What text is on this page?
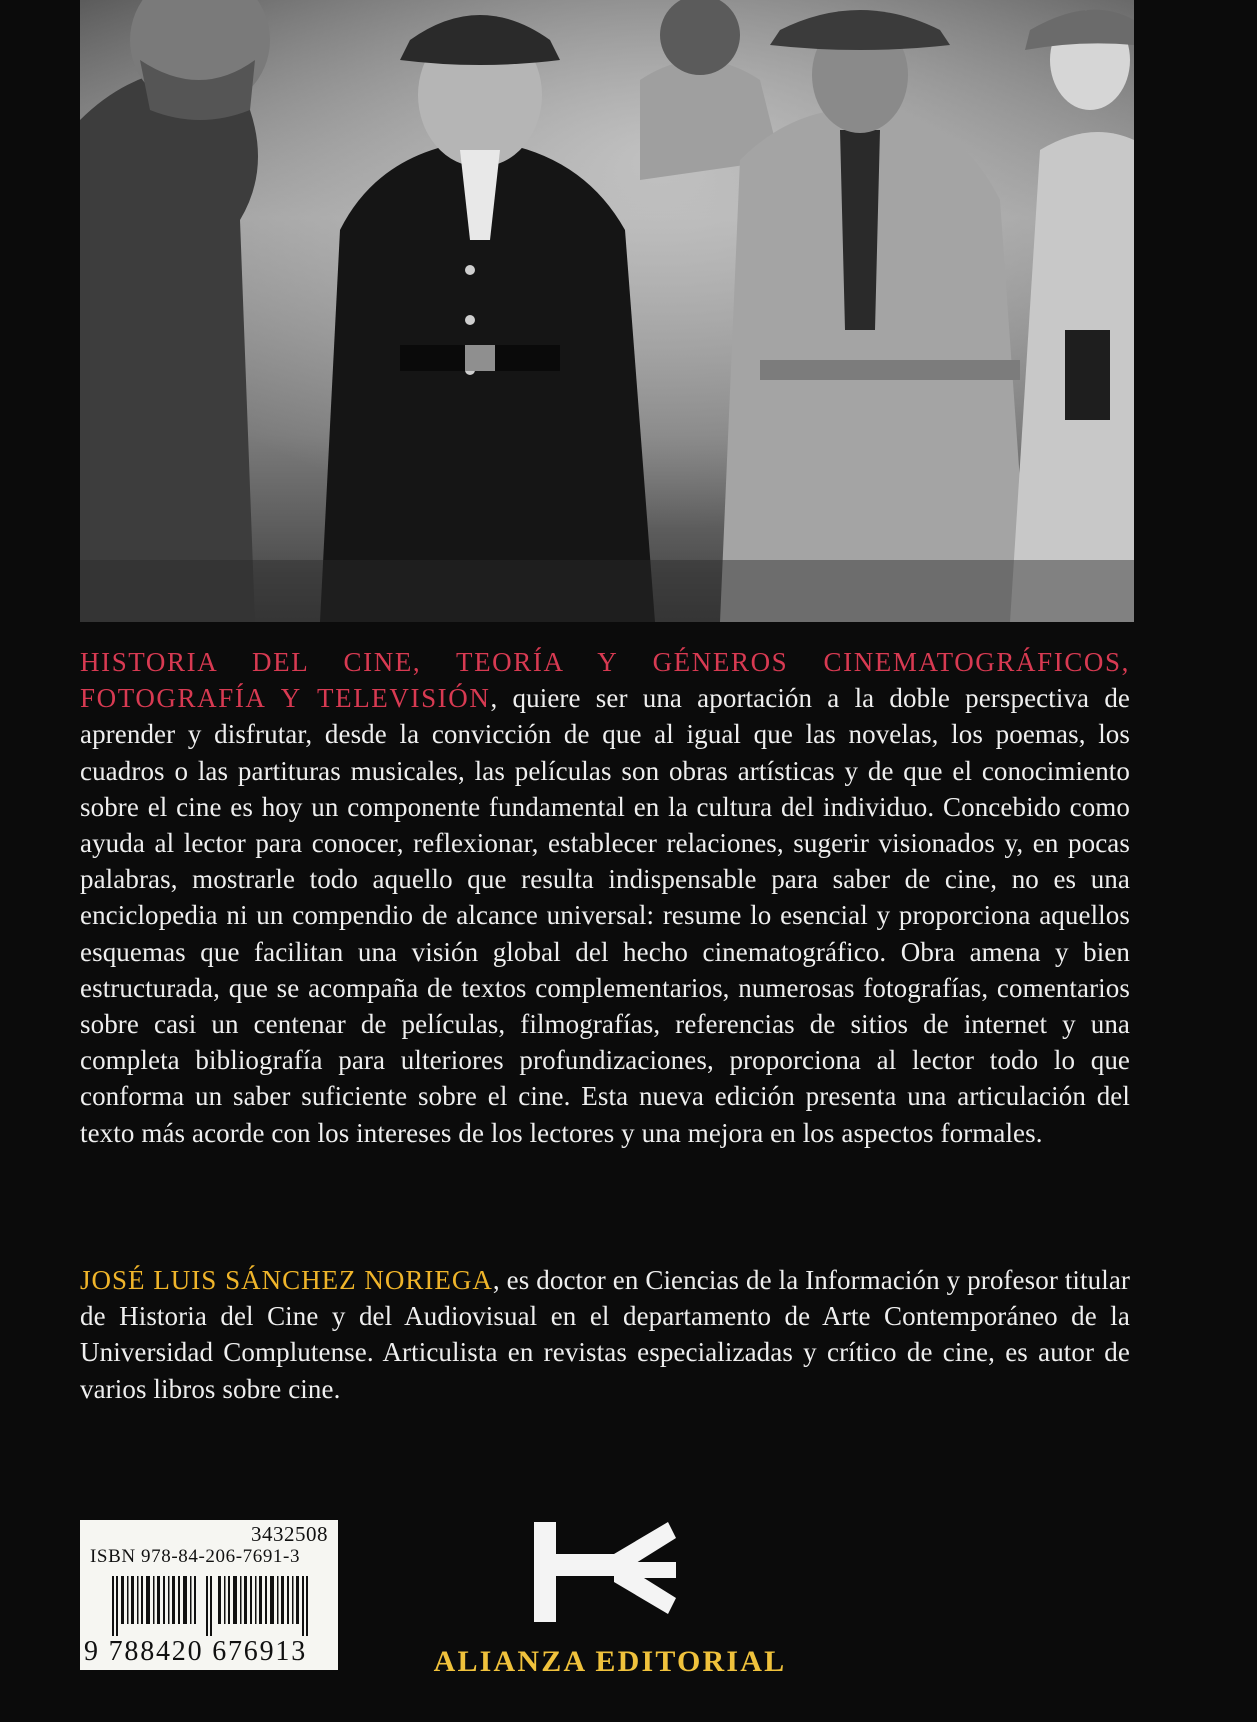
HISTORIA DEL CINE, TEORÍA Y GÉNEROS CINEMATOGRÁFICOS, FOTOGRAFÍA Y TELEVISIÓN, quiere ser una aportación a la doble perspectiva de aprender y disfrutar, desde la convicción de que al igual que las novelas, los poemas, los cuadros o las partituras musicales, las películas son obras artísticas y de que el conocimiento sobre el cine es hoy un componente fundamental en la cultura del individuo. Concebido como ayuda al lector para conocer, reflexionar, establecer relaciones, sugerir visionados y, en pocas palabras, mostrarle todo aquello que resulta indispensable para saber de cine, no es una enciclopedia ni un compendio de alcance universal: resume lo esencial y proporciona aquellos esquemas que facilitan una visión global del hecho cinematográfico. Obra amena y bien estructurada, que se acompaña de textos complementarios, numerosas fotografías, comentarios sobre casi un centenar de películas, filmografías, referencias de sitios de internet y una completa bibliografía para ulteriores profundizaciones, proporciona al lector todo lo que conforma un saber suficiente sobre el cine. Esta nueva edición presenta una articulación del texto más acorde con los intereses de los lectores y una mejora en los aspectos formales.
JOSÉ LUIS SÁNCHEZ NORIEGA, es doctor en Ciencias de la Información y profesor titular de Historia del Cine y del Audiovisual en el departamento de Arte Contemporáneo de la Universidad Complutense. Articulista en revistas especializadas y crítico de cine, es autor de varios libros sobre cine.
3432508
ISBN 978-84-206-7691-3
9 788420 676913	ALIANZA EDITORIAL
